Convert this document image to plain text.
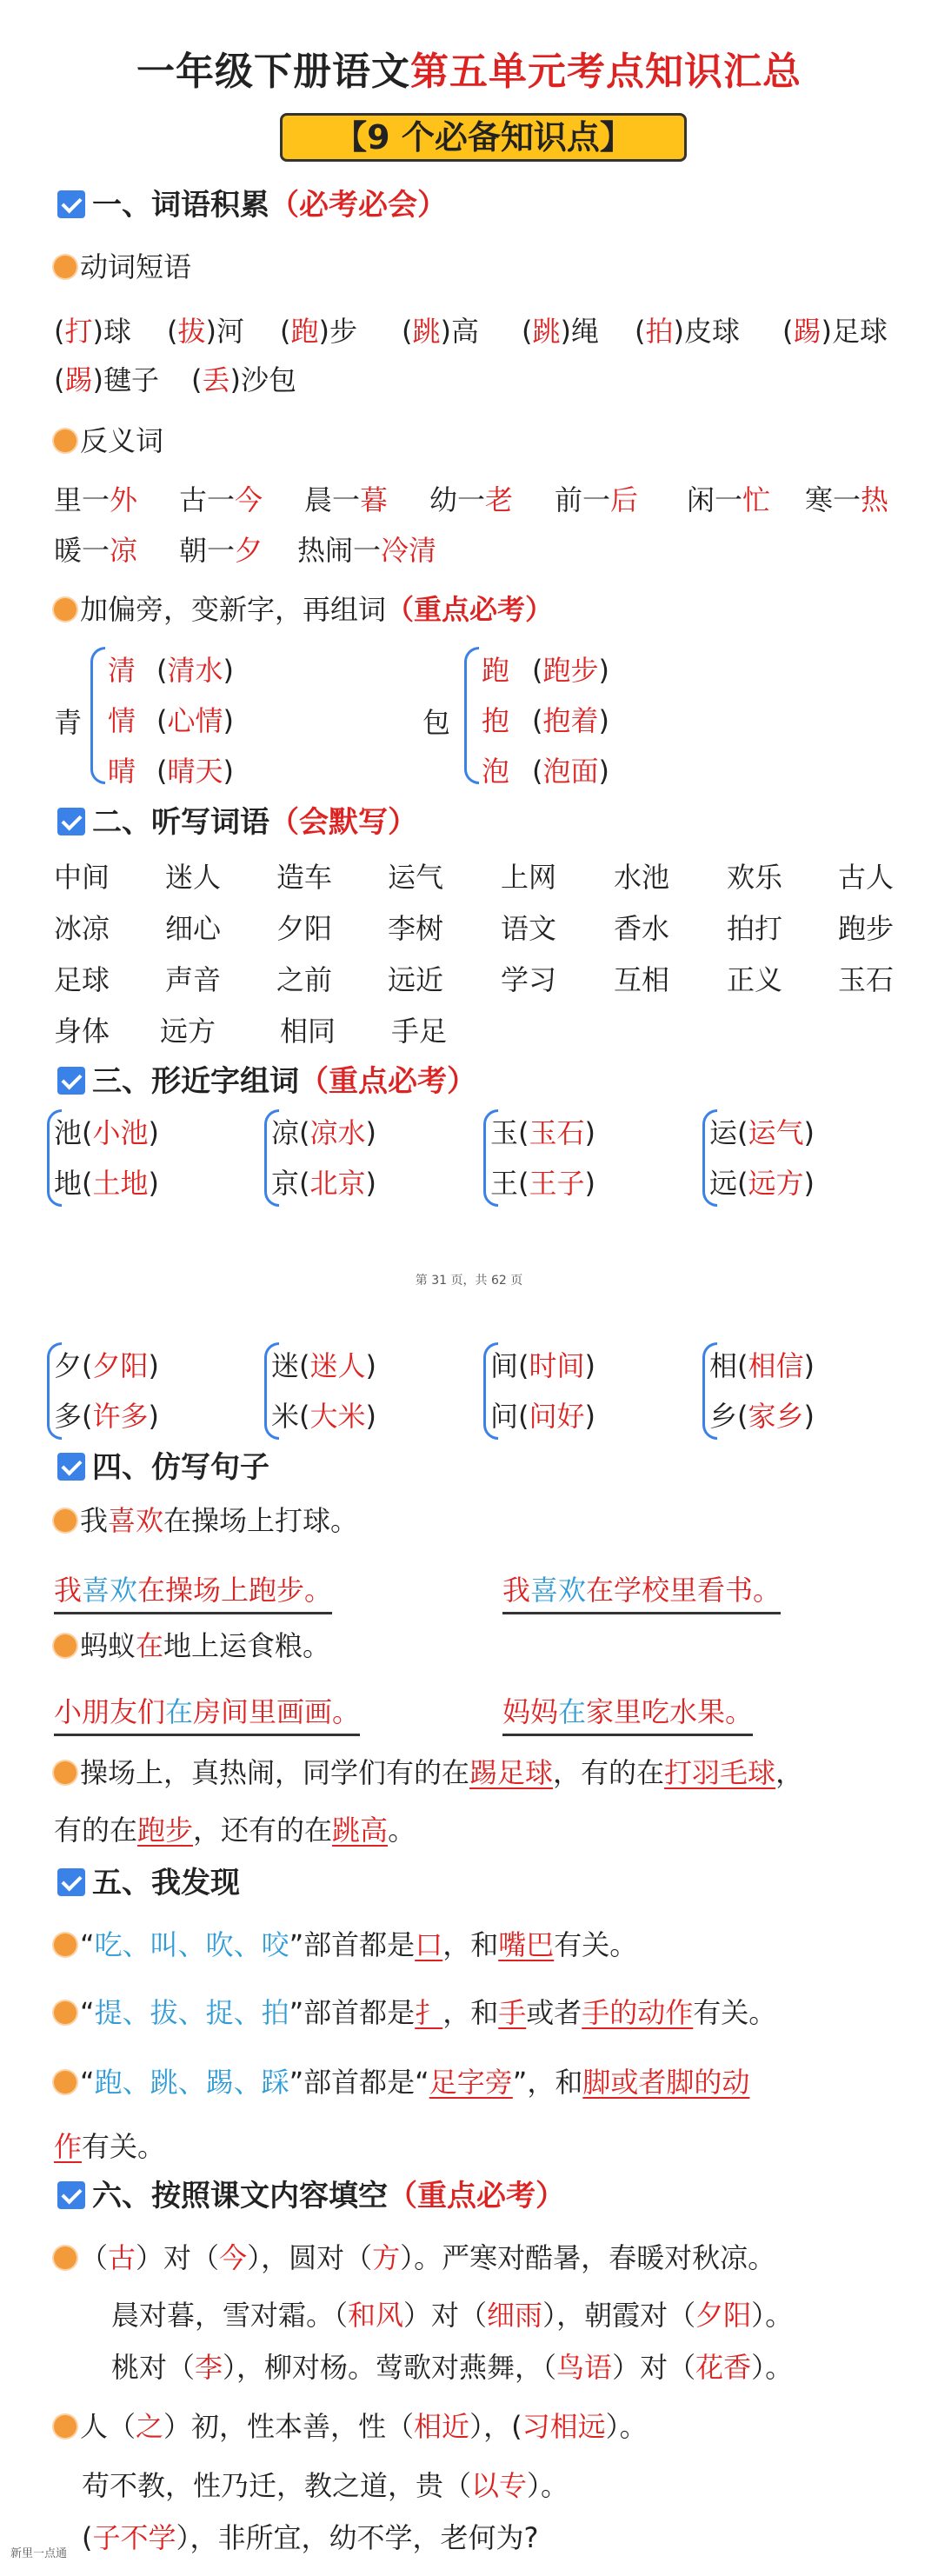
一年级下册语文第五单元考点知识汇总
【9 个必备知识点】
一、词语积累（必考必会）
动词短语
(打)球 (拔)河 (跑)步 (跳)高 (跳)绳 (拍)皮球 (踢)足球
(踢)毽子 (丢)沙包
反义词
里一外 古一今 晨一暮 幼一老 前一后 闲一忙 寒一热
暖一凉 朝一夕 热闹一冷清
加偏旁，变新字，再组词（重点必考）
青
清 (清水)
情 (心情)
晴 (晴天)
包
跑 (跑步)
抱 (抱着)
泡 (泡面)
二、听写词语（会默写）
中间 迷人 造车 运气 上网 水池 欢乐 古人
冰凉 细心 夕阳 李树 语文 香水 拍打 跑步
足球 声音 之前 远近 学习 互相 正义 玉石
身体 远方 相同 手足
三、形近字组词（重点必考）
池(小池)
地(土地)
凉(凉水)
京(北京)
玉(玉石)
王(王子)
运(运气)
远(远方)
第 31 页，共 62 页
夕(夕阳)
多(许多)
迷(迷人)
米(大米)
间(时间)
问(问好)
相(相信)
乡(家乡)
四、仿写句子
我喜欢在操场上打球。
我喜欢在操场上跑步。	我喜欢在学校里看书。
蚂蚁在地上运食粮。
小朋友们在房间里画画。	妈妈在家里吃水果。
操场上，真热闹，同学们有的在踢足球，有的在打羽毛球，
有的在跑步，还有的在跳高。
五、我发现
“吃、叫、吹、咬”部首都是口，和嘴巴有关。
“提、拔、捉、拍”部首都是扌，和手或者手的动作有关。
“跑、跳、踢、踩”部首都是“足字旁”，和脚或者脚的动
作有关。
六、按照课文内容填空（重点必考）
（古）对（今），圆对（方）。严寒对酷暑，春暖对秋凉。
晨对暮，雪对霜。（和风）对（细雨），朝霞对（夕阳）。
桃对（李），柳对杨。莺歌对燕舞，（鸟语）对（花香）。
人（之）初，性本善，性（相近），(习相远）。
苟不教，性乃迁，教之道，贵（以专）。
(子不学），非所宜，幼不学，老何为?
新里一点通
